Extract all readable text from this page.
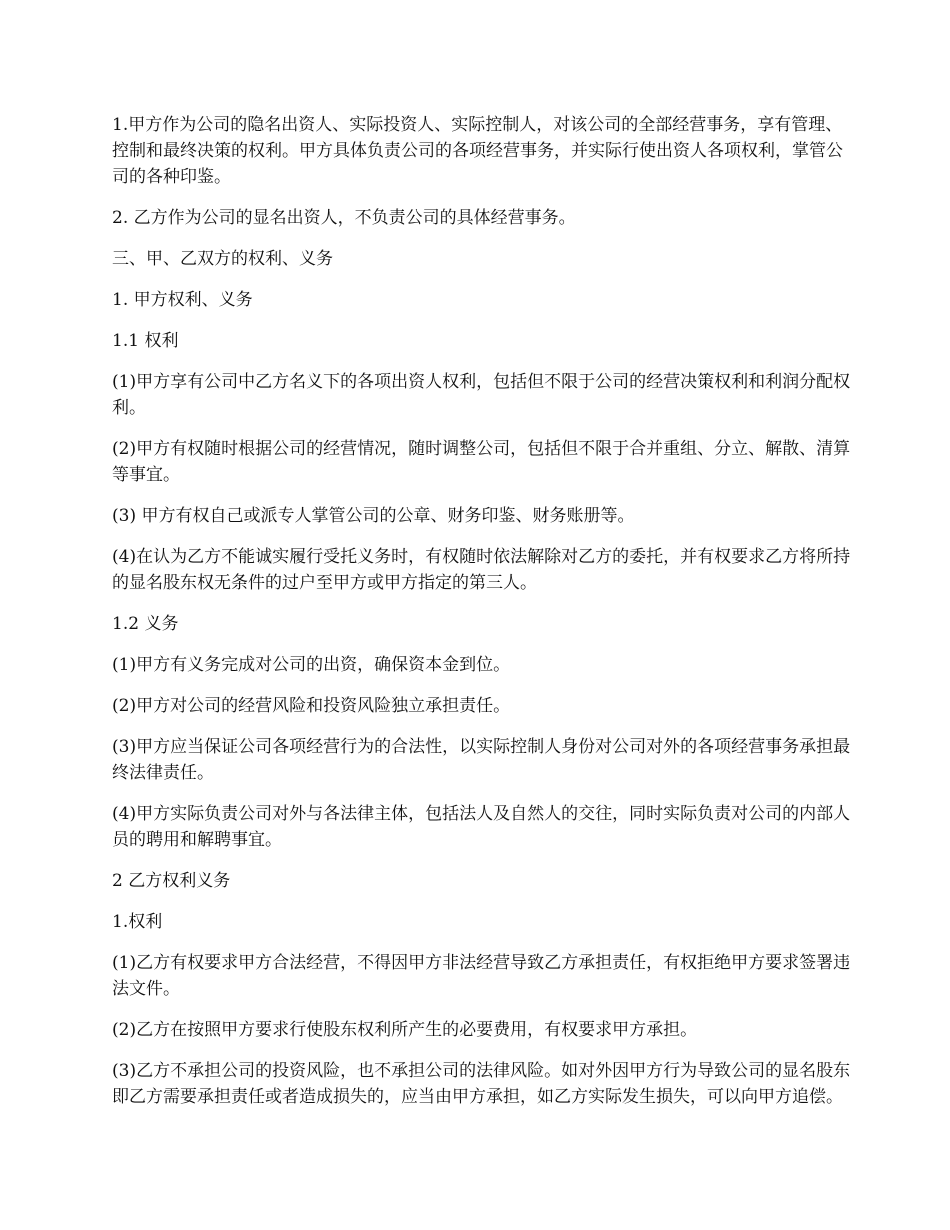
1.甲方作为公司的隐名出资人、实际投资人、实际控制人，对该公司的全部经营事务，享有管理、控制和最终决策的权利。甲方具体负责公司的各项经营事务，并实际行使出资人各项权利，掌管公司的各种印鉴。

2. 乙方作为公司的显名出资人，不负责公司的具体经营事务。

三、甲、乙双方的权利、义务

1. 甲方权利、义务

1.1 权利

(1)甲方享有公司中乙方名义下的各项出资人权利，包括但不限于公司的经营决策权利和利润分配权利。

(2)甲方有权随时根据公司的经营情况，随时调整公司，包括但不限于合并重组、分立、解散、清算等事宜。

(3) 甲方有权自己或派专人掌管公司的公章、财务印鉴、财务账册等。

(4)在认为乙方不能诚实履行受托义务时，有权随时依法解除对乙方的委托，并有权要求乙方将所持的显名股东权无条件的过户至甲方或甲方指定的第三人。

1.2 义务

(1)甲方有义务完成对公司的出资，确保资本金到位。

(2)甲方对公司的经营风险和投资风险独立承担责任。

(3)甲方应当保证公司各项经营行为的合法性，以实际控制人身份对公司对外的各项经营事务承担最终法律责任。

(4)甲方实际负责公司对外与各法律主体，包括法人及自然人的交往，同时实际负责对公司的内部人员的聘用和解聘事宜。

2 乙方权利义务

1.权利

(1)乙方有权要求甲方合法经营，不得因甲方非法经营导致乙方承担责任，有权拒绝甲方要求签署违法文件。

(2)乙方在按照甲方要求行使股东权利所产生的必要费用，有权要求甲方承担。

(3)乙方不承担公司的投资风险，也不承担公司的法律风险。如对外因甲方行为导致公司的显名股东即乙方需要承担责任或者造成损失的，应当由甲方承担，如乙方实际发生损失，可以向甲方追偿。
